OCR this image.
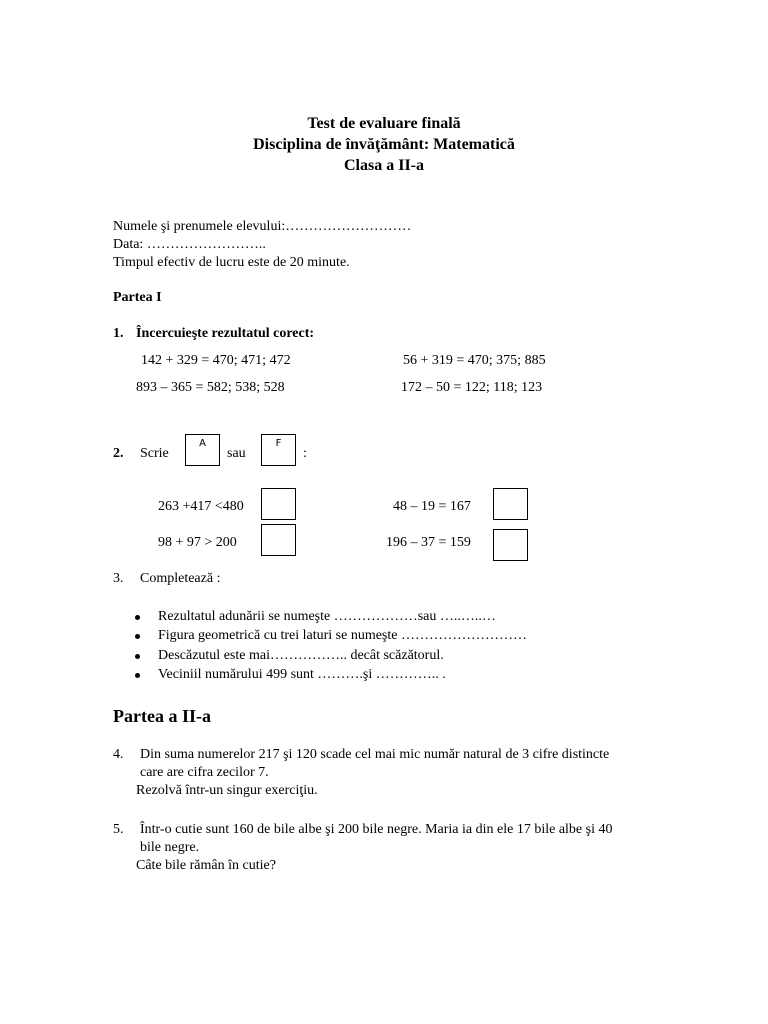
Test de evaluare finală
Disciplina de învăţământ: Matematică
Clasa a II-a
Numele şi prenumele elevului:………………………
Data: ……………………..
Timpul efectiv de lucru este de 20 minute.
Partea I
1. Încercuieşte rezultatul corect:
142 + 329 = 470; 471; 472	56 + 319 = 470; 375; 885
893 – 365 = 582; 538; 528	172 – 50 = 122; 118; 123
2. Scrie
A
sau
F
:
263 +417 <480	48 – 19 = 167
98 + 97 > 200	196 – 37 = 159
3. Completează :
Rezultatul adunării se numeşte ………………sau …..…..…
Figura geometrică cu trei laturi se numeşte ………………………
Descăzutul este mai…………….. decât scăzătorul.
Veciniil numărului 499 sunt ……….şi ………….. .
Partea a II-a
4. Din suma numerelor 217 şi 120 scade cel mai mic număr natural de 3 cifre distincte
care are cifra zecilor 7.
Rezolvă într-un singur exerciţiu.
5. Într-o cutie sunt 160 de bile albe şi 200 bile negre. Maria ia din ele 17 bile albe şi 40
bile negre.
Câte bile rămân în cutie?
